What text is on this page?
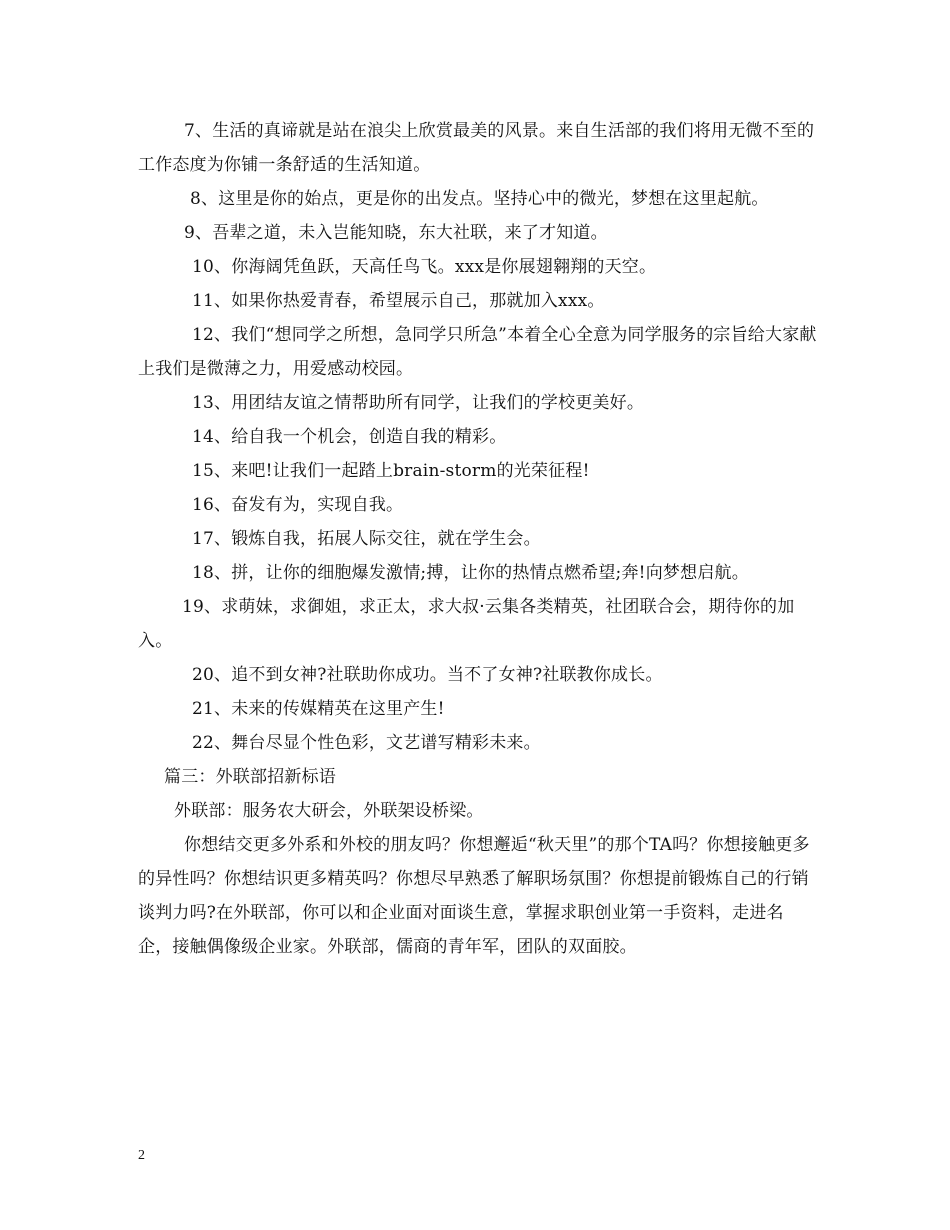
7、生活的真谛就是站在浪尖上欣赏最美的风景。来自生活部的我们将用无微不至的工作态度为你铺一条舒适的生活知道。

8、这里是你的始点，更是你的出发点。坚持心中的微光，梦想在这里起航。

9、吾辈之道，未入岂能知晓，东大社联，来了才知道。

10、你海阔凭鱼跃，天高任鸟飞。xxx是你展翅翱翔的天空。

11、如果你热爱青春，希望展示自己，那就加入xxx。

12、我们“想同学之所想，急同学只所急”本着全心全意为同学服务的宗旨给大家献上我们是微薄之力，用爱感动校园。

13、用团结友谊之情帮助所有同学，让我们的学校更美好。

14、给自我一个机会，创造自我的精彩。

15、来吧!让我们一起踏上brain-storm的光荣征程!

16、奋发有为，实现自我。

17、锻炼自我，拓展人际交往，就在学生会。

18、拼，让你的细胞爆发激情;搏，让你的热情点燃希望;奔!向梦想启航。

19、求萌妹，求御姐，求正太，求大叔·云集各类精英，社团联合会，期待你的加入。

20、追不到女神?社联助你成功。当不了女神?社联教你成长。

21、未来的传媒精英在这里产生!

22、舞台尽显个性色彩，文艺谱写精彩未来。

篇三：外联部招新标语

外联部：服务农大研会，外联架设桥梁。

你想结交更多外系和外校的朋友吗？你想邂逅“秋天里”的那个TA吗？你想接触更多的异性吗？你想结识更多精英吗？你想尽早熟悉了解职场氛围？你想提前锻炼自己的行销谈判力吗?在外联部，你可以和企业面对面谈生意，掌握求职创业第一手资料，走进名企，接触偶像级企业家。外联部，儒商的青年军，团队的双面胶。

2
